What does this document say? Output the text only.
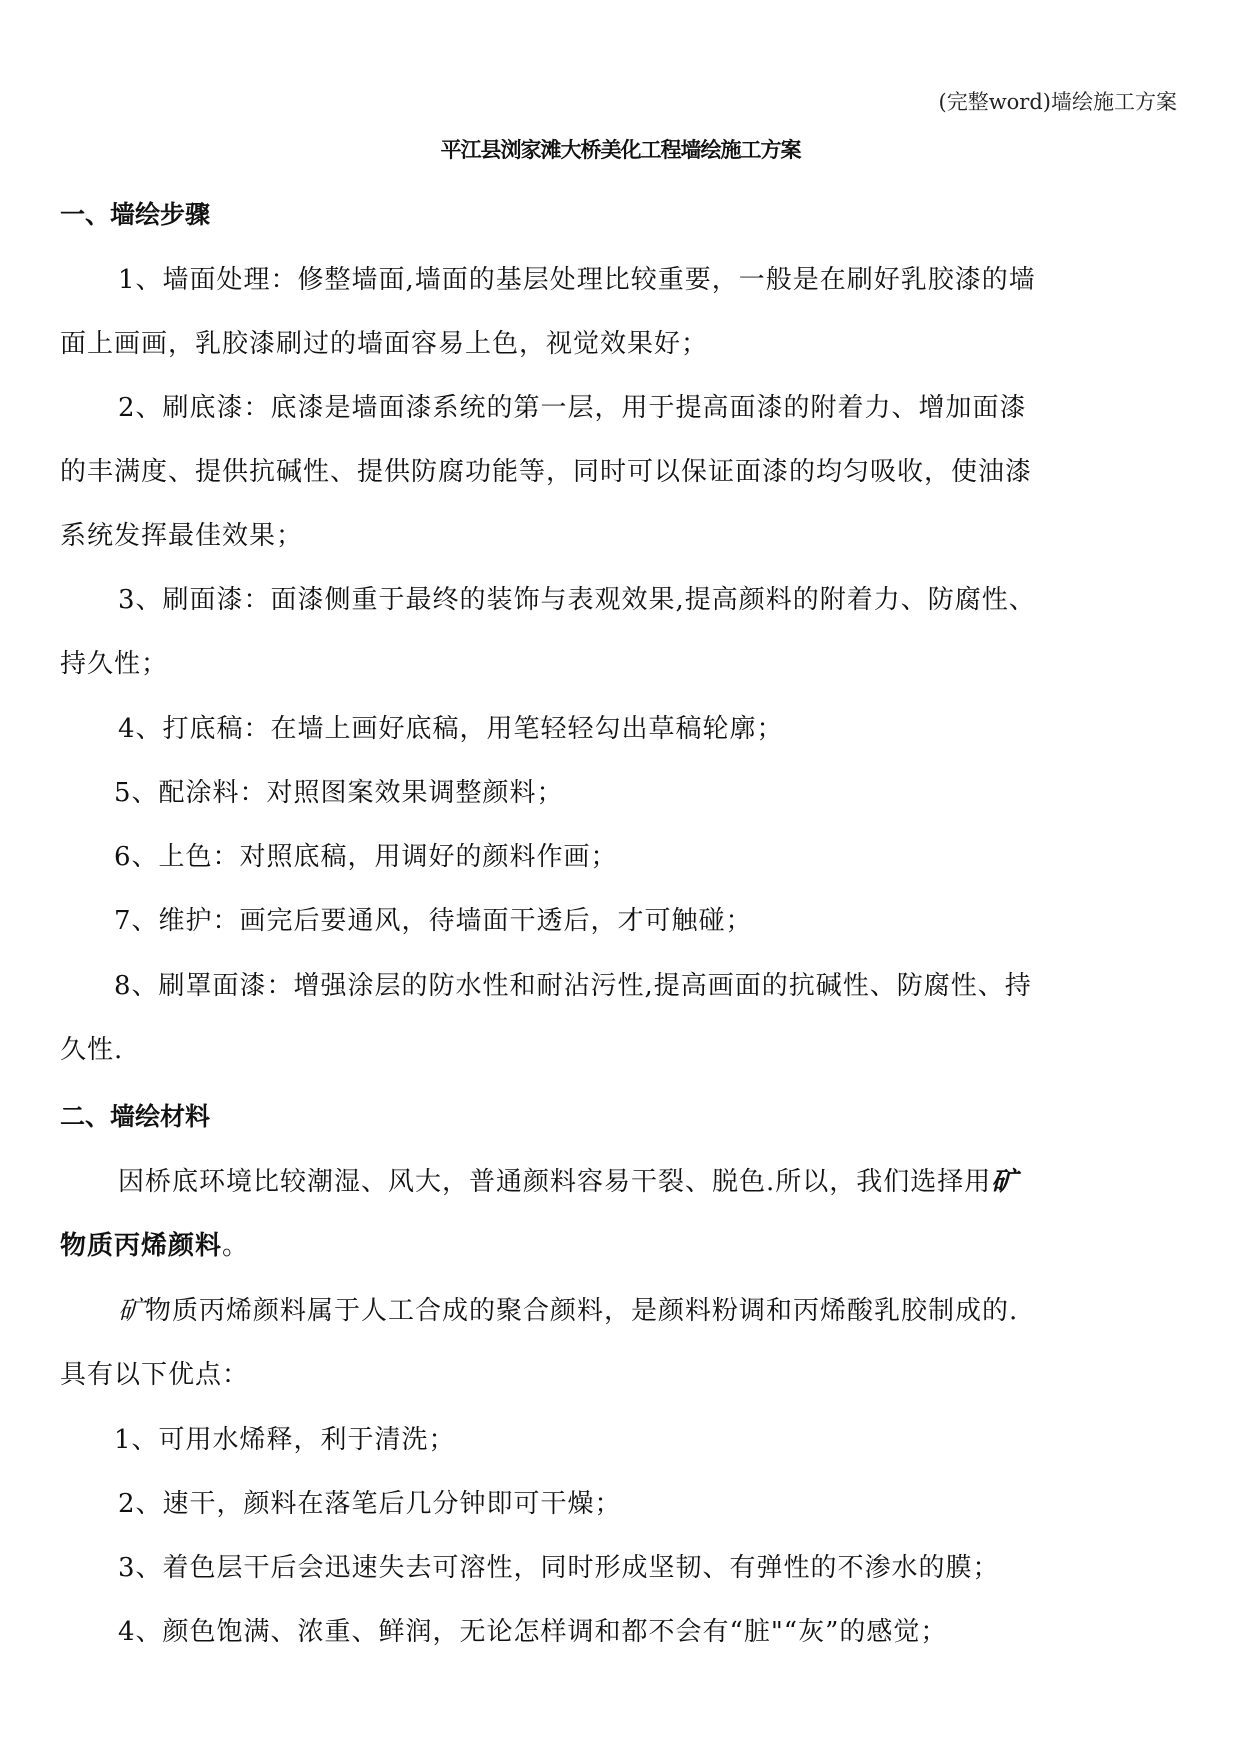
(完整word)墙绘施工方案
平江县浏家滩大桥美化工程墙绘施工方案
一、墙绘步骤
1、墙面处理：修整墙面,墙面的基层处理比较重要，一般是在刷好乳胶漆的墙
面上画画，乳胶漆刷过的墙面容易上色，视觉效果好；
2、刷底漆：底漆是墙面漆系统的第一层，用于提高面漆的附着力、增加面漆
的丰满度、提供抗碱性、提供防腐功能等，同时可以保证面漆的均匀吸收，使油漆
系统发挥最佳效果；
3、刷面漆：面漆侧重于最终的装饰与表观效果,提高颜料的附着力、防腐性、
持久性；
4、打底稿：在墙上画好底稿，用笔轻轻勾出草稿轮廓；
5、配涂料：对照图案效果调整颜料；
6、上色：对照底稿，用调好的颜料作画；
7、维护：画完后要通风，待墙面干透后，才可触碰；
8、刷罩面漆：增强涂层的防水性和耐沾污性,提高画面的抗碱性、防腐性、持
久性.
二、墙绘材料
因桥底环境比较潮湿、风大，普通颜料容易干裂、脱色.所以，我们选择用矿
物质丙烯颜料。
矿物质丙烯颜料属于人工合成的聚合颜料，是颜料粉调和丙烯酸乳胶制成的.
具有以下优点：
1、可用水烯释，利于清洗；
2、速干，颜料在落笔后几分钟即可干燥；
3、着色层干后会迅速失去可溶性，同时形成坚韧、有弹性的不渗水的膜；
4、颜色饱满、浓重、鲜润，无论怎样调和都不会有“脏"“灰”的感觉；
